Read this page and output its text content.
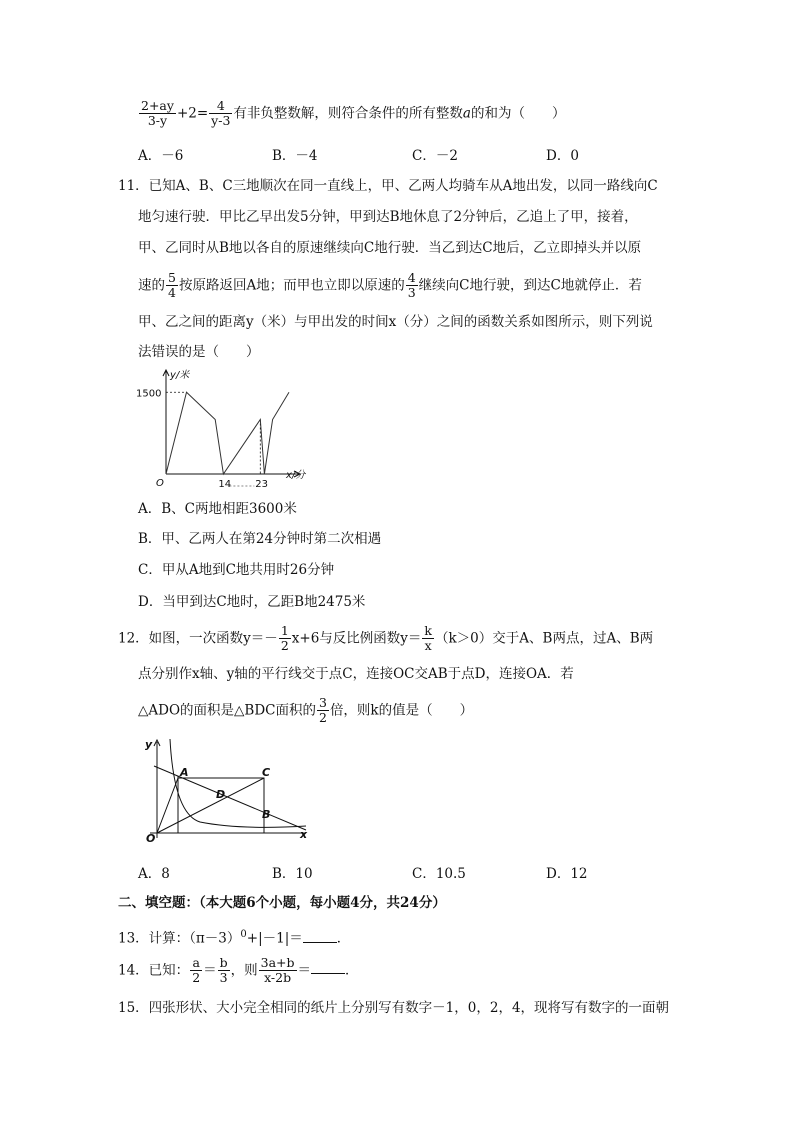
$\frac{2+ay}{3-y} +2= \frac{4}{y-3}$ 有非负整数解，则符合条件的所有整数a的和为（　　）
A．－6	B．－4	C．－2	D．0
11．已知A、B、C三地顺次在同一直线上，甲、乙两人均骑车从A地出发，以同一路线向C
地匀速行驶．甲比乙早出发5分钟，甲到达B地休息了2分钟后，乙追上了甲，接着，
甲、乙同时从B地以各自的原速继续向C地行驶．当乙到达C地后，乙立即掉头并以原
速的 $\frac{5}{4}$ 按原路返回A地；而甲也立即以原速的 $\frac{4}{3}$ 继续向C地行驶，到达C地就停止．若
甲、乙之间的距离y（米）与甲出发的时间x（分）之间的函数关系如图所示，则下列说
法错误的是（　　）
y/米
x/分
O
1500
14 23
A．B、C两地相距3600米
B．甲、乙两人在第24分钟时第二次相遇
C．甲从A地到C地共用时26分钟
D．当甲到达C地时，乙距B地2475米
12．如图，一次函数$y=- \frac{1}{2} x+6$与反比例函数$y= \frac{k}{x} (k>0)$交于A、B两点，过A、B两
点分别作x轴、y轴的平行线交于点C，连接OC交AB于点D，连接OA．若
△ADO的面积是△BDC面积的 $\frac{3}{2}$ 倍，则k的值是（　　）
y
x
O
A	C
D
B
A．8	B．10	C．10.5	D．12
二、填空题：（本大题6个小题，每小题4分，共24分）
13．计算：$(\pi-3)^0+|-1|=$	．
14．已知： $\frac{a}{2} = \frac{b}{3}$ ，则 $\frac{3a+b}{x-2b}$ ＝	．
15．四张形状、大小完全相同的纸片上分别写有数字－1，0，2，4，现将写有数字的一面朝
